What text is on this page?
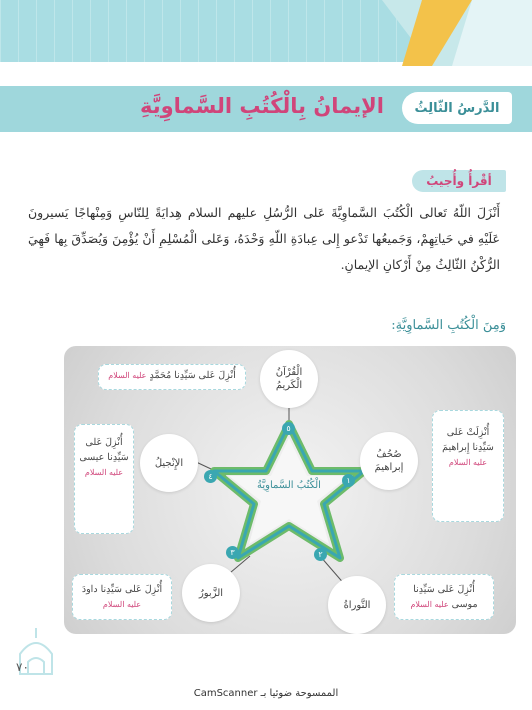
الدَّرسُ الثّالِثُ
الإيمانُ بِالْكُتُبِ السَّماوِيَّةِ
أقْرأُ وأُجيبُ
أَنْزَلَ اللّهُ تَعالى الْكُتُبَ السَّماوِيَّةَ عَلى الرُّسُلِ عليهم السلام هِدايَةً لِلنّاسِ وَمِنْهاجًا يَسيرونَ عَلَيْهِ في حَياتِهِمْ، وَجَميعُها تَدْعو إِلى عِبادَةِ اللّهِ وَحْدَهُ، وَعَلى الْمُسْلِمِ أَنْ يُؤْمِنَ وَيُصَدِّقَ بِها فَهِيَ الرُّكْنُ الثّالِثُ مِنْ أَرْكانِ الإيمانِ.
وَمِنَ الْكُتُبِ السَّماوِيَّةِ:
الْكُتُبُ السَّماوِيَّةُ
الْقُرْآنُ الْكَريمُ
٥
أُنْزِلَ عَلى سَيِّدِنا مُحَمَّدٍ عليه السلام
صُحُفُ إبراهيمَ
١
أُنْزِلَتْ عَلى سَيِّدِنا إِبراهيمَ
عليه السلام
التَّوراةُ
٢
أُنْزِلَ عَلى سَيِّدِنا موسى عليه السلام
الزَّبورُ
٣
أُنْزِلَ عَلى سَيِّدِنا داودَ عليه السلام
الإِنْجيلُ
٤
أُنْزِلَ عَلى سَيِّدِنا عيسى
عليه السلام
٧٠
الممسوحة ضوئيا بـ CamScanner
